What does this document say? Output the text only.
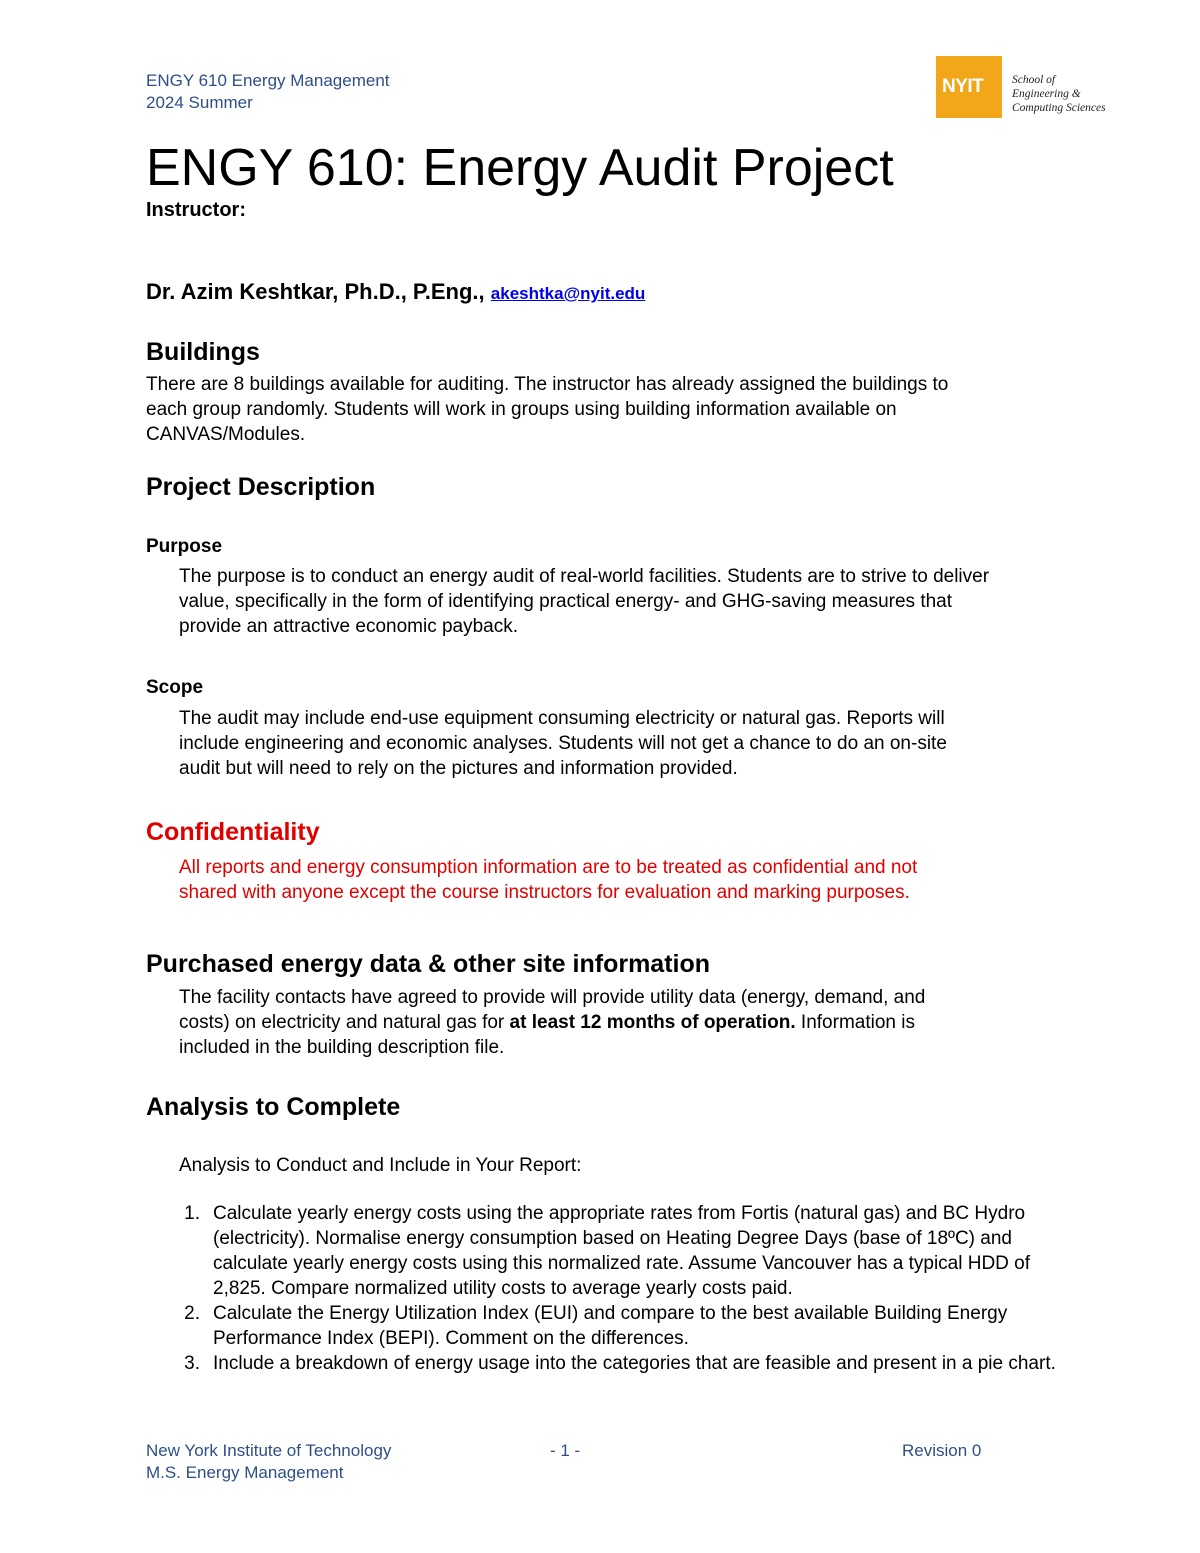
ENGY 610 Energy Management
2024 Summer
NYIT School of
Engineering &
Computing Sciences
ENGY 610: Energy Audit Project
Instructor:
Dr. Azim Keshtkar, Ph.D., P.Eng., akeshtka@nyit.edu
Buildings
There are 8 buildings available for auditing. The instructor has already assigned the buildings to
each group randomly. Students will work in groups using building information available on
CANVAS/Modules.
Project Description
Purpose
The purpose is to conduct an energy audit of real-world facilities. Students are to strive to deliver
value, specifically in the form of identifying practical energy- and GHG-saving measures that
provide an attractive economic payback.
Scope
The audit may include end-use equipment consuming electricity or natural gas. Reports will
include engineering and economic analyses. Students will not get a chance to do an on-site
audit but will need to rely on the pictures and information provided.
Confidentiality
All reports and energy consumption information are to be treated as confidential and not
shared with anyone except the course instructors for evaluation and marking purposes.
Purchased energy data & other site information
The facility contacts have agreed to provide will provide utility data (energy, demand, and
costs) on electricity and natural gas for at least 12 months of operation. Information is
included in the building description file.
Analysis to Complete
Analysis to Conduct and Include in Your Report:
1. Calculate yearly energy costs using the appropriate rates from Fortis (natural gas) and BC Hydro (electricity). Normalise energy consumption based on Heating Degree Days (base of 18ºC) and calculate yearly energy costs using this normalized rate. Assume Vancouver has a typical HDD of 2,825. Compare normalized utility costs to average yearly costs paid.
2. Calculate the Energy Utilization Index (EUI) and compare to the best available Building Energy Performance Index (BEPI). Comment on the differences.
3. Include a breakdown of energy usage into the categories that are feasible and present in a pie chart.
New York Institute of Technology
M.S. Energy Management
- 1 -	Revision 0
